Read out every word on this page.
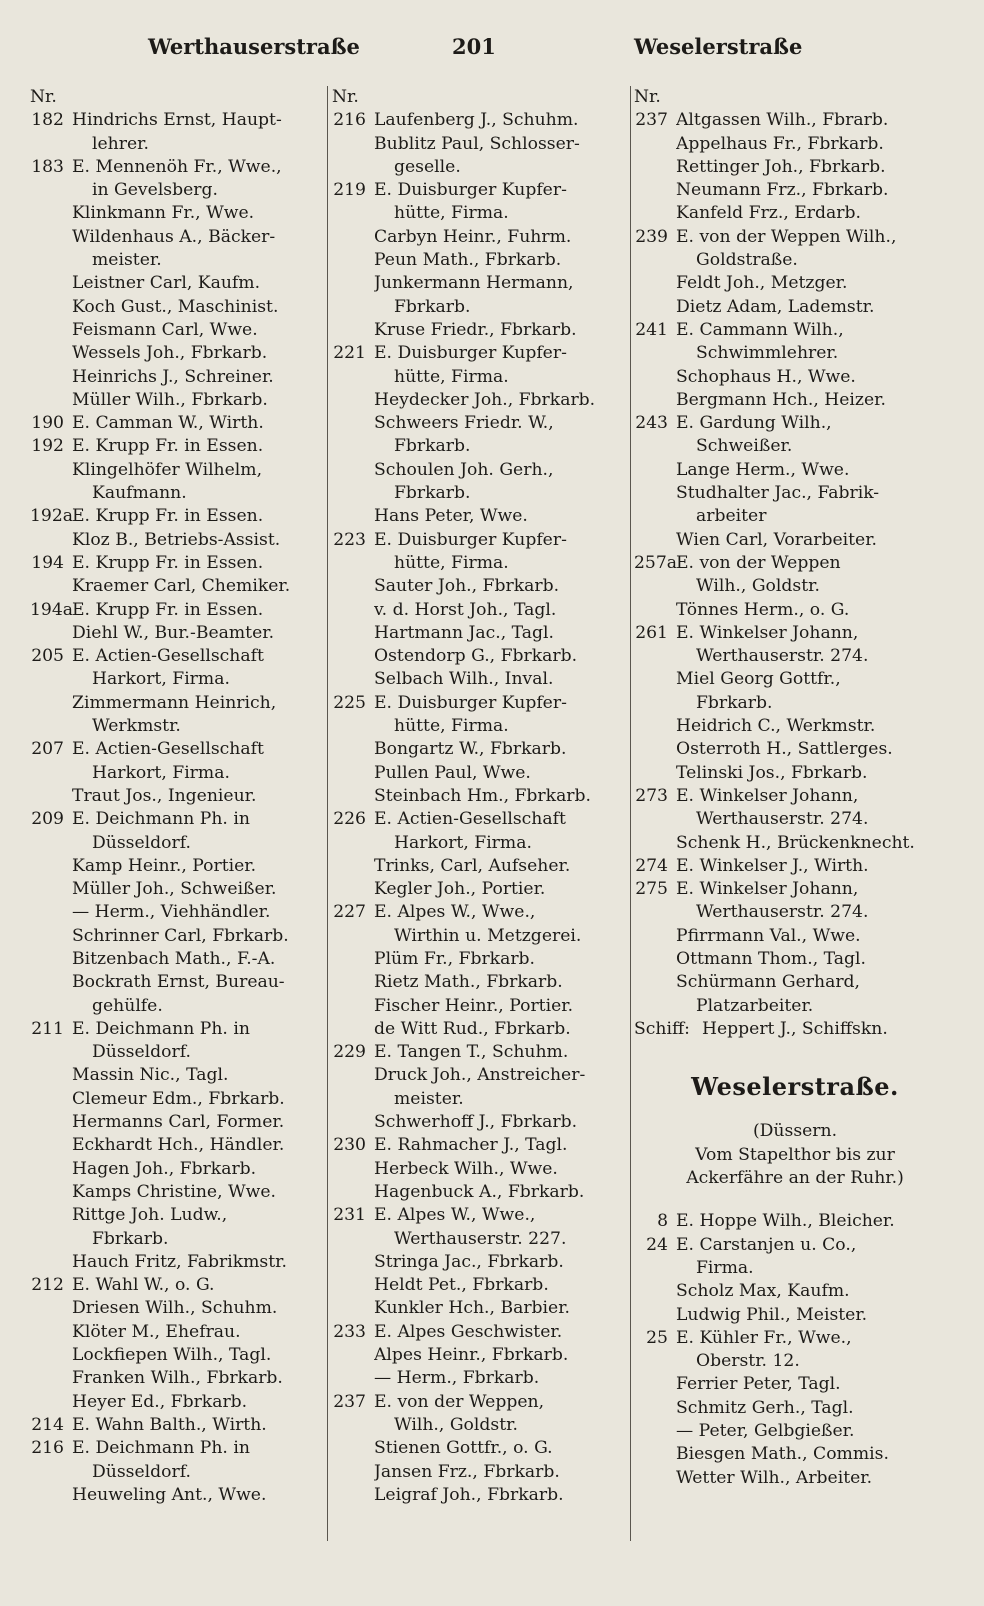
Werthauserstraße	201	Weselerstraße
Nr.
182 Hindrichs Ernst, Haupt-
lehrer.
183 E. Mennenöh Fr., Wwe.,
in Gevelsberg.
Klinkmann Fr., Wwe.
Wildenhaus A., Bäcker-
meister.
Leistner Carl, Kaufm.
Koch Gust., Maschinist.
Feismann Carl, Wwe.
Wessels Joh., Fbrkarb.
Heinrichs J., Schreiner.
Müller Wilh., Fbrkarb.
190 E. Camman W., Wirth.
192 E. Krupp Fr. in Essen.
Klingelhöfer Wilhelm,
Kaufmann.
192a
E. Krupp Fr. in Essen.
Kloz B., Betriebs-Assist.
194 E. Krupp Fr. in Essen.
Kraemer Carl, Chemiker.
194a
E. Krupp Fr. in Essen.
Diehl W., Bur.-Beamter.
205 E. Actien-Gesellschaft
Harkort, Firma.
Zimmermann Heinrich,
Werkmstr.
207 E. Actien-Gesellschaft
Harkort, Firma.
Traut Jos., Ingenieur.
209 E. Deichmann Ph. in
Düsseldorf.
Kamp Heinr., Portier.
Müller Joh., Schweißer.
— Herm., Viehhändler.
Schrinner Carl, Fbrkarb.
Bitzenbach Math., F.-A.
Bockrath Ernst, Bureau-
gehülfe.
211 E. Deichmann Ph. in
Düsseldorf.
Massin Nic., Tagl.
Clemeur Edm., Fbrkarb.
Hermanns Carl, Former.
Eckhardt Hch., Händler.
Hagen Joh., Fbrkarb.
Kamps Christine, Wwe.
Rittge Joh. Ludw.,
Fbrkarb.
Hauch Fritz, Fabrikmstr.
212 E. Wahl W., o. G.
Driesen Wilh., Schuhm.
Klöter M., Ehefrau.
Lockfiepen Wilh., Tagl.
Franken Wilh., Fbrkarb.
Heyer Ed., Fbrkarb.
214 E. Wahn Balth., Wirth.
216 E. Deichmann Ph. in
Düsseldorf.
Heuweling Ant., Wwe.
Nr.
216 Laufenberg J., Schuhm.
Bublitz Paul, Schlosser-
geselle.
219 E. Duisburger Kupfer-
hütte, Firma.
Carbyn Heinr., Fuhrm.
Peun Math., Fbrkarb.
Junkermann Hermann,
Fbrkarb.
Kruse Friedr., Fbrkarb.
221 E. Duisburger Kupfer-
hütte, Firma.
Heydecker Joh., Fbrkarb.
Schweers Friedr. W.,
Fbrkarb.
Schoulen Joh. Gerh.,
Fbrkarb.
Hans Peter, Wwe.
223 E. Duisburger Kupfer-
hütte, Firma.
Sauter Joh., Fbrkarb.
v. d. Horst Joh., Tagl.
Hartmann Jac., Tagl.
Ostendorp G., Fbrkarb.
Selbach Wilh., Inval.
225 E. Duisburger Kupfer-
hütte, Firma.
Bongartz W., Fbrkarb.
Pullen Paul, Wwe.
Steinbach Hm., Fbrkarb.
226 E. Actien-Gesellschaft
Harkort, Firma.
Trinks, Carl, Aufseher.
Kegler Joh., Portier.
227 E. Alpes W., Wwe.,
Wirthin u. Metzgerei.
Plüm Fr., Fbrkarb.
Rietz Math., Fbrkarb.
Fischer Heinr., Portier.
de Witt Rud., Fbrkarb.
229 E. Tangen T., Schuhm.
Druck Joh., Anstreicher-
meister.
Schwerhoff J., Fbrkarb.
230 E. Rahmacher J., Tagl.
Herbeck Wilh., Wwe.
Hagenbuck A., Fbrkarb.
231 E. Alpes W., Wwe.,
Werthauserstr. 227.
Stringa Jac., Fbrkarb.
Heldt Pet., Fbrkarb.
Kunkler Hch., Barbier.
233 E. Alpes Geschwister.
Alpes Heinr., Fbrkarb.
— Herm., Fbrkarb.
237 E. von der Weppen,
Wilh., Goldstr.
Stienen Gottfr., o. G.
Jansen Frz., Fbrkarb.
Leigraf Joh., Fbrkarb.
Nr.
237 Altgassen Wilh., Fbrarb.
Appelhaus Fr., Fbrkarb.
Rettinger Joh., Fbrkarb.
Neumann Frz., Fbrkarb.
Kanfeld Frz., Erdarb.
239 E. von der Weppen Wilh.,
Goldstraße.
Feldt Joh., Metzger.
Dietz Adam, Lademstr.
241 E. Cammann Wilh.,
Schwimmlehrer.
Schophaus H., Wwe.
Bergmann Hch., Heizer.
243 E. Gardung Wilh.,
Schweißer.
Lange Herm., Wwe.
Studhalter Jac., Fabrik-
arbeiter
Wien Carl, Vorarbeiter.
257a
E. von der Weppen
Wilh., Goldstr.
Tönnes Herm., o. G.
261 E. Winkelser Johann,
Werthauserstr. 274.
Miel Georg Gottfr.,
Fbrkarb.
Heidrich C., Werkmstr.
Osterroth H., Sattlerges.
Telinski Jos., Fbrkarb.
273 E. Winkelser Johann,
Werthauserstr. 274.
Schenk H., Brückenknecht.
274 E. Winkelser J., Wirth.
275 E. Winkelser Johann,
Werthauserstr. 274.
Pfirrmann Val., Wwe.
Ottmann Thom., Tagl.
Schürmann Gerhard,
Platzarbeiter.
Schiff: Heppert J., Schiffskn.
Weselerstraße.
(Düssern.
Vom Stapelthor bis zur
Ackerfähre an der Ruhr.)
8 E. Hoppe Wilh., Bleicher.
24 E. Carstanjen u. Co.,
Firma.
Scholz Max, Kaufm.
Ludwig Phil., Meister.
25 E. Kühler Fr., Wwe.,
Oberstr. 12.
Ferrier Peter, Tagl.
Schmitz Gerh., Tagl.
— Peter, Gelbgießer.
Biesgen Math., Commis.
Wetter Wilh., Arbeiter.
